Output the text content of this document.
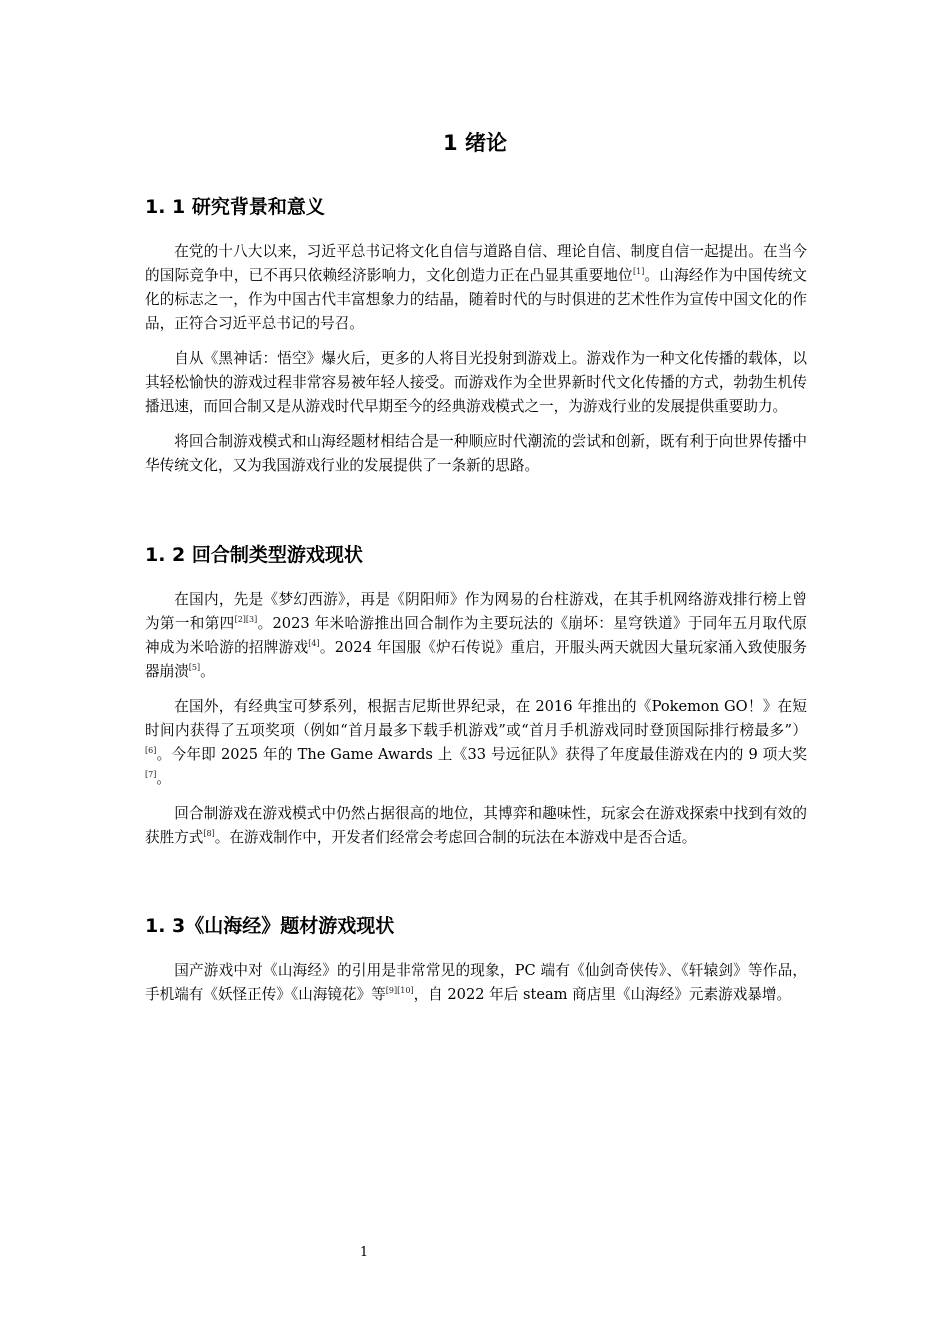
1 绪论
1. 1 研究背景和意义

在党的十八大以来，习近平总书记将文化自信与道路自信、理论自信、制度自信一起提出。在当今的国际竞争中，已不再只依赖经济影响力，文化创造力正在凸显其重要地位[1]。山海经作为中国传统文化的标志之一，作为中国古代丰富想象力的结晶，随着时代的与时俱进的艺术性作为宣传中国文化的作品，正符合习近平总书记的号召。

自从《黑神话：悟空》爆火后，更多的人将目光投射到游戏上。游戏作为一种文化传播的载体，以其轻松愉快的游戏过程非常容易被年轻人接受。而游戏作为全世界新时代文化传播的方式，勃勃生机传播迅速，而回合制又是从游戏时代早期至今的经典游戏模式之一，为游戏行业的发展提供重要助力。

将回合制游戏模式和山海经题材相结合是一种顺应时代潮流的尝试和创新，既有利于向世界传播中华传统文化，又为我国游戏行业的发展提供了一条新的思路。

1. 2 回合制类型游戏现状

在国内，先是《梦幻西游》，再是《阴阳师》作为网易的台柱游戏，在其手机网络游戏排行榜上曾为第一和第四[2][3]。2023 年米哈游推出回合制作为主要玩法的《崩坏：星穹铁道》于同年五月取代原神成为米哈游的招牌游戏[4]。2024 年国服《炉石传说》重启，开服头两天就因大量玩家涌入致使服务器崩溃[5]。

在国外，有经典宝可梦系列，根据吉尼斯世界纪录，在 2016 年推出的《Pokemon GO！》在短时间内获得了五项奖项（例如“首月最多下载手机游戏”或“首月手机游戏同时登顶国际排行榜最多”）[6]。今年即 2025 年的 The Game Awards 上《33 号远征队》获得了年度最佳游戏在内的 9 项大奖[7]。

回合制游戏在游戏模式中仍然占据很高的地位，其博弈和趣味性，玩家会在游戏探索中找到有效的获胜方式[8]。在游戏制作中，开发者们经常会考虑回合制的玩法在本游戏中是否合适。

1. 3《山海经》题材游戏现状

国产游戏中对《山海经》的引用是非常常见的现象，PC 端有《仙剑奇侠传》、《轩辕剑》等作品，手机端有《妖怪正传》《山海镜花》等[9][10]，自 2022 年后 steam 商店里《山海经》元素游戏暴增。

1
